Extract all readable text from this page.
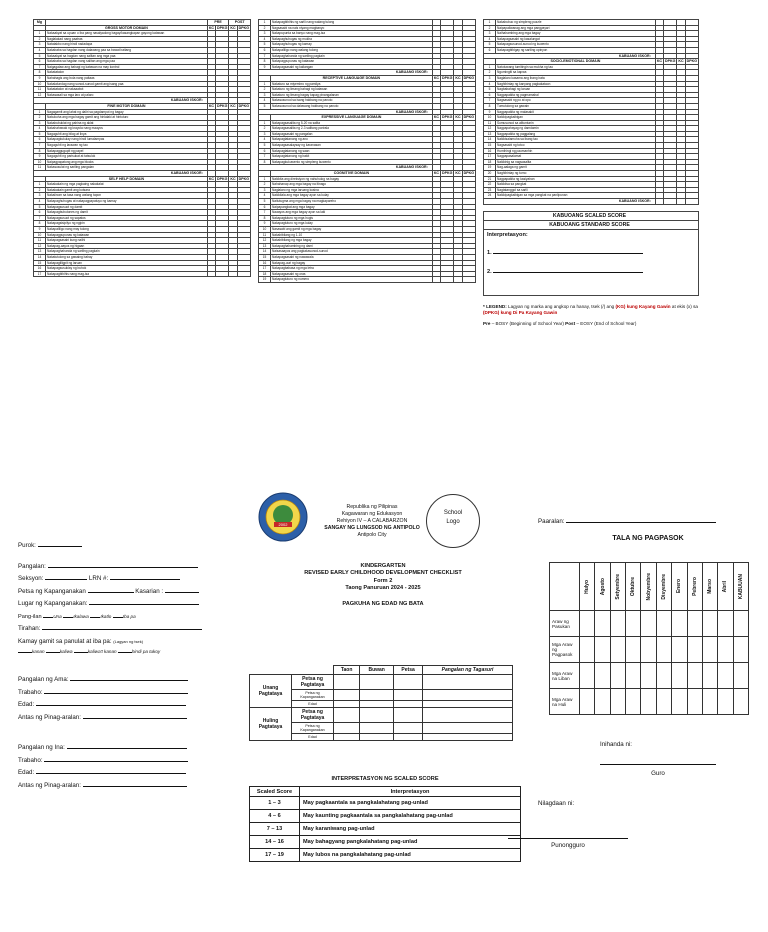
Mg		PRE		POST	
	GROSS MOTOR DOMAIN	KC	DPKG	KC	DPKG
1	Nakaakyat sa upuan o iba pang nasalyadong bagay/kasangkapan gayong katawan				
2	Naglalakad nang paatras				
3	Natatakbo nang hindi nadadapa				
4	Nakababa sa hagdan nang dalawang paa sa bawat baitang				
5	Nakaakyat sa hagdan nang salitan ang mga paa				
6	Nakababa sa hagdan nang salitan ang mga paa				
7	Naigagalaw ang bahagi ng katawan na may kontrol				
8	Nakatatalon				
9	Nahahagis ang bola nang paitaas				
10	Nakalalundag nang sunod-sunod gamit ang isang paa				
11	Nakatatalon at nakaaabot				
12	Nakasasali sa mga laro at palaro				
KABUANG ISKOR:					
	FINE MOTOR DOMAIN	KC	DPKG	KC	DPKG
1	Nagagamit ang lahat ng daliri sa pagdampot ng bagay				
2	Nakukuha ang mga bagay gamit ang hinlalaki at hintuturo				
3	Nakabubuklat ng pahina ng aklat				
4	Nakahahawak ng krayola nang maayos				
5	Naguguhit ang bilog at linya				
6	Nakapagkukulay nang hindi lumalampas				
7	Naguguhit ng larawan ng tao				
8	Nakapaggugupit ng papel				
9	Naguguhit ng parisukat at tatsulok				
10	Naipagpapatong ang mga blocks				
11	Nakasusulat ng sariling pangalan				
KABUANG ISKOR:					
	SELF HELP DOMAIN	KC	DPKG	KC	DPKG
1	Nakakakain ng mga pagkaing nakakalat				
2	Nakakakain gamit ang kutsara				
3	Nakaiinom sa tasa nang walang tapon				
4	Nakapaghuhugas at nakapagpapatuyo ng kamay				
5	Nakapagsusuot ng damit				
6	Nakapagbubutones ng damit				
7	Nakapagsusuot ng sapatos				
8	Nakapagsisipilyo ng ngipin				
9	Nakapaliligo nang may tulong				
10	Nakapagpupunas ng katawan				
11	Nakapagsasabi kung naiihi				
12	Nakapag-aayos ng higaan				
13	Nakapaghahanda ng sariling pagkain				
14	Nakatutulong sa gawaing bahay				
15	Nakapagliligpit ng laruan				
16	Nakapagsusuklay ng buhok				
17	Nakapagbibihis nang mag-isa				
1	Nakapagbibihis ng sarili nang walang tulong				
2	Nagsasabi na nais niyang magbanyo				
3	Nakapupunta sa banyo nang mag-isa				
4	Nakapaghuhugas ng mukha				
5	Nakapaghuhugas ng kamay				
6	Nakapaliligo nang walang tulong				
7	Nakapaghahanda ng sariling pagkain				
8	Nakapagpupunas ng katawan				
9	Nakapagsasabi ng kailangan				
KABUANG ISKOR:					
	RECEPTIVE LANGUAGE DOMAIN	KC	DPKG	KC	DPKG
1	Nakaturo sa miyembro ng pamilya				
2	Nakaturo ng limang bahagi ng katawan				
3	Nakaturo ng limang bagay kapag pinangalanan				
4	Nakasusunod sa isang hakbang na panuto				
5	Nakasusunod sa dalawang hakbang na panuto				
KABUANG ISKOR:					
	EXPRESSIVE LANGUAGE DOMAIN	KC	DPKG	KC	DPKG
1	Nakapagsasalita ng 5-20 na salita				
2	Nakapagsasalita ng 2-3 salitang parirala				
3	Nakapagsasabi ng pangalan				
4	Nakapagtatanong ng ano				
5	Nakapagsasalaysay ng karanasan				
6	Nakapagtatanong ng saan				
7	Nakapagtatanong ng bakit				
8	Nakapagkukuwento ng simpleng kuwento				
KABUANG ISKOR:					
	COGNITIVE DOMAIN	KC	DPKG	KC	DPKG
1	Nakikita ang direksiyon ng nahuhulog na bagay				
2	Nahahanap ang mga bagay na itinago				
3	Naglalaro ng mga laruang kusina				
4	Nakikilala ang mga bagay ayon sa kulay				
5	Naitutugma ang mga bagay na magkapareho				
6	Naipapangkat ang mga bagay				
7	Naaayos ang mga bagay ayon sa laki				
8	Nakapagtuturo ng mga hugis				
9	Nakapagtuturo ng mga kulay				
10	Nasasabi ang gamit ng mga bagay				
11	Nakabibilang ng 1-10				
12	Nakabibilang ng mga bagay				
13	Nakapaghahambing ng dami				
14	Naisasaayos ang pagkakasunod-sunod				
15	Nakapagsasabi ng nawawala				
16	Nakapag-uuri ng bagay				
17	Nakapagbabasa ng mga letra				
18	Nakapagsasabi ng oras				
19	Nakapagtuturo ng numero				
1	Nakabubuo ng simpleng puzzle				
2	Naipapaliwanag ang mga pangyayari				
3	Naihahambing ang mga bagay				
4	Nakapagsasabi ng kasalungat				
5	Nakapagsusunod-sunod ng kuwento				
6	Nakapagbibigay ng sariling opinyon				
KABUANG ISKOR:					
	SOCIO-EMOTIONAL DOMAIN	KC	DPKG	KC	DPKG
1	Natutuwang tumitingin sa mukha ng tao				
2	Ngumingiti sa kapwa				
3	Naglalaro kasama ang ibang bata				
4	Naghihintay ng kanyang pagkakataon				
5	Nagbabahagi ng laruan				
6	Nagpapakita ng pagmamahal				
7	Nagsasabi ng po at opo				
8	Tumutulong sa gawain				
9	Nagpapakita ng malasakit				
10	Nakikipagkaibigan				
11	Sumusunod sa alituntunin				
12	Nagpapahayag ng damdamin				
13	Nagpapakita ng paggalang				
14	Nakikisalamuha sa ibang tao				
15	Nagsasabi ng totoo				
16	Humihingi ng paumanhin				
17	Nagpapasalamat				
18	Nakikinig sa nagsasalita				
19	Nag-aalaga ng gamit				
20	Naghihintay ng turno				
21	Nagpapakita ng kasiyahan				
22	Nakikiisa sa pangkat				
23	Nagtatanggol sa sarili				
24	Nakikipagkaibigan sa mga pangkat na panlipunan				
KABUANG ISKOR:					
KABUOANG SCALED SCORE
KABUOANG STANDARD SCORE

Interpretasyon:
1.
2.
* LEGEND: Lagyan ng marka ang angkop na hanay, tsek (/) ang (KG) kung Kayang Gawin at ekis (x) sa (DPKG) kung Di Pa Kayang Gawin
Pre – BOSY (Beginning of School Year) Post – EOSY (End of School Year)
2002
Republika ng Pilipinas
Kagawaran ng Edukasyon
Rehiyon IV – A CALABARZON
SANGAY NG LUNGSOD NG ANTIPOLO
Antipolo City
School
Logo
KINDERGARTEN
REVISED EARLY CHILDHOOD DEVELOPMENT CHECKLIST
Form 2
Taong Panuruan 2024 - 2025
PAGKUHA NG EDAD NG BATA
		Taon	Buwan	Petsa	Pangalan ng Tagasuri
Unang Pagtataya	Petsa ng Pagtataya				
	Petsa ng Kapanganakan				
	Edad				
Huling Pagtataya	Petsa ng Pagtataya				
	Petsa ng Kapanganakan				
	Edad				
INTERPRETASYON NG SCALED SCORE
Scaled Score	Interpretasyon
1 – 3	May pagkaantala sa pangkalahatang pag-unlad
4 – 6	May kaunting pagkaantala sa pangkalahatang pag-unlad
7 – 13	May karaniwang pag-unlad
14 – 16	May bahagyang pangkalahatang pag-unlad
17 – 19	May lubos na pangkalahatang pag-unlad
Purok:
Pangalan:
Seksyon:	LRN #:
Petsa ng Kapanganakan	Kasarian :
Lugar ng Kapanganakan:
Pang-ilan	Una	Ikalawa	Ikatlo	Iba pa
Tirahan:
Kamay gamit sa panulat at iba pa: (Lagyan ng tsek)
kanan	kaliwa	kaliwa't kanan	hindi pa tukoy
Pangalan ng Ama:
Trabaho:
Edad:
Antas ng Pinag-aralan:
Pangalan ng Ina:
Trabaho:
Edad:
Antas ng Pinag-aralan:
Paaralan:
TALA NG PAGPASOK

	Hulyo	Agosto	Setyembre	Oktubre	Nobyembre	Disyembre	Enero	Pebrero	Marso	Abril	KABUUAN

Araw ng Pasukan											
Mga Araw ng Pagpasok											
Mga Araw na Liban											
Mga Araw na Huli											
Inihanda ni:
Guro
Nilagdaan ni:
Punongguro
